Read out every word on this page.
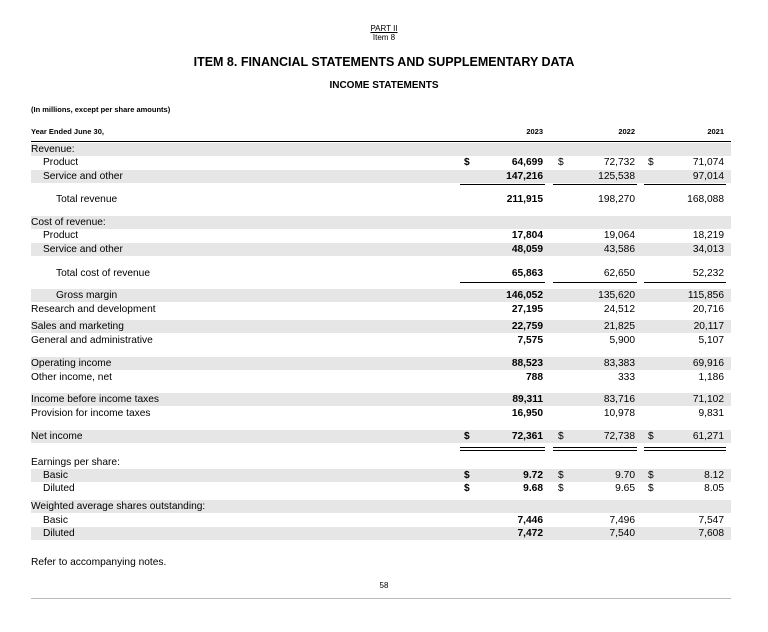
PART II
Item 8
ITEM 8. FINANCIAL STATEMENTS AND SUPPLEMENTARY DATA
INCOME STATEMENTS
(In millions, except per share amounts)
Year Ended June 30,	2023	2022	2021
Revenue:
Product	$	64,699 $	72,732 $	71,074
Service and other	147,216	125,538	97,014
Total revenue	211,915	198,270	168,088
Cost of revenue:
Product	17,804	19,064	18,219
Service and other	48,059	43,586	34,013
Total cost of revenue	65,863	62,650	52,232
Gross margin	146,052	135,620	115,856
Research and development	27,195	24,512	20,716
Sales and marketing	22,759	21,825	20,117
General and administrative	7,575	5,900	5,107
Operating income	88,523	83,383	69,916
Other income, net	788	333	1,186
Income before income taxes	89,311	83,716	71,102
Provision for income taxes	16,950	10,978	9,831
Net income	$	72,361 $	72,738 $	61,271
Earnings per share:
Basic	$	9.72 $	9.70 $	8.12
Diluted	$	9.68 $	9.65 $	8.05
Weighted average shares outstanding:
Basic	7,446	7,496	7,547
Diluted	7,472	7,540	7,608
Refer to accompanying notes.
58
